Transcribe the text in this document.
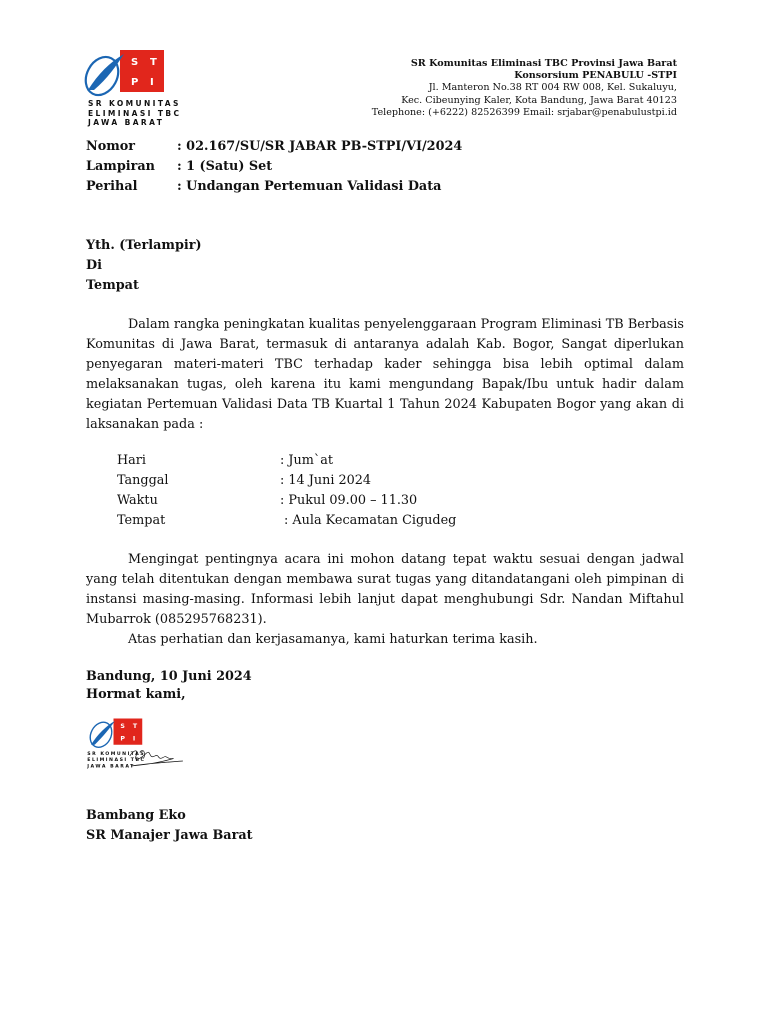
S T
P I
SR KOMUNITAS
ELIMINASI TBC
JAWA BARAT
SR Komunitas Eliminasi TBC Provinsi Jawa Barat
Konsorsium PENABULU -STPI
Jl. Manteron No.38 RT 004 RW 008, Kel. Sukaluyu,
Kec. Cibeunying Kaler, Kota Bandung, Jawa Barat 40123
Telephone: (+6222) 82526399 Email: srjabar@penabulustpi.id
Nomor	: 02.167/SU/SR JABAR PB-STPI/VI/2024
Lampiran	: 1 (Satu) Set
Perihal	: Undangan Pertemuan Validasi Data
Yth. (Terlampir)
Di
Tempat
Dalam rangka peningkatan kualitas penyelenggaraan Program Eliminasi TB Berbasis Komunitas di Jawa Barat, termasuk di antaranya adalah Kab. Bogor, Sangat diperlukan penyegaran materi-materi TBC terhadap kader sehingga bisa lebih optimal dalam melaksanakan tugas, oleh karena itu kami mengundang Bapak/Ibu untuk hadir dalam kegiatan Pertemuan Validasi Data TB Kuartal 1 Tahun 2024 Kabupaten Bogor yang akan di laksanakan pada :
Hari	: Jum`at
Tanggal	: 14 Juni 2024
Waktu	: Pukul 09.00 – 11.30
Tempat	: Aula Kecamatan Cigudeg
Mengingat pentingnya acara ini mohon datang tepat waktu sesuai dengan jadwal yang telah ditentukan dengan membawa surat tugas yang ditandatangani oleh pimpinan di instansi masing-masing. Informasi lebih lanjut dapat menghubungi Sdr. Nandan Miftahul Mubarrok (085295768231).
Atas perhatian dan kerjasamanya, kami haturkan terima kasih.
Bandung, 10 Juni 2024
Hormat kami,
S T
P I
SR KOMUNITAS
ELIMINASI TBC
JAWA BARAT
Bambang Eko
SR Manajer Jawa Barat
